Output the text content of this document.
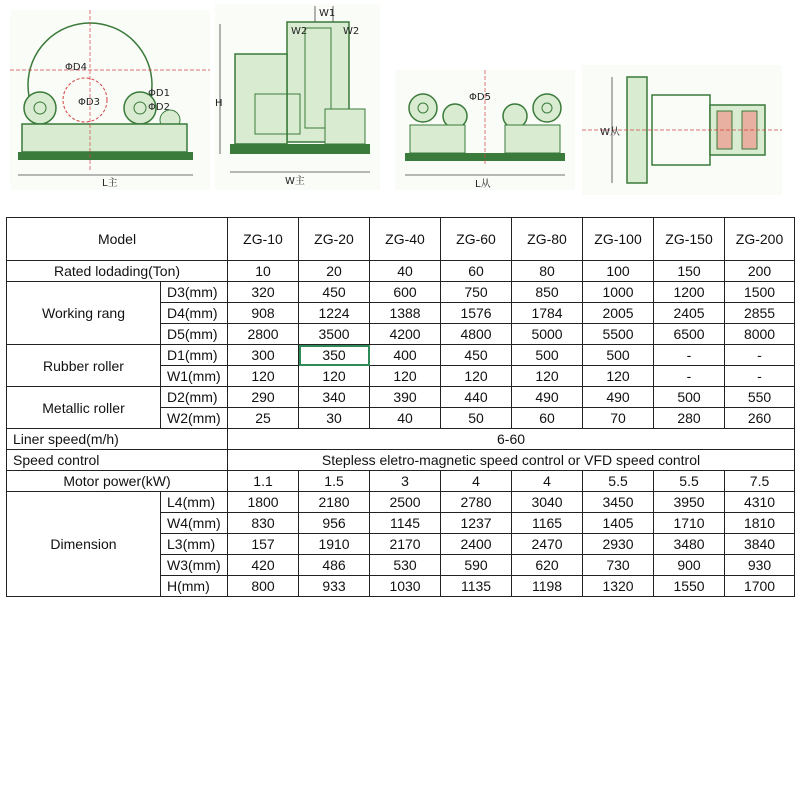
ΦD4
ΦD3
ΦD1
ΦD2
L主
W1
W2	W2
H
W主
ΦD5
L从
W从
Model		ZG-10	ZG-20	ZG-40	ZG-60	ZG-80	ZG-100	ZG-150	ZG-200
Rated lodading(Ton)		10	20	40	60	80	100	150	200
Working rang	D3(mm)	320	450	600	750	850	1000	1200	1500
	D4(mm)	908	1224	1388	1576	1784	2005	2405	2855
	D5(mm)	2800	3500	4200	4800	5000	5500	6500	8000
Rubber roller	D1(mm)	300	350	400	450	500	500	-	-
	W1(mm)	120	120	120	120	120	120	-	-
Metallic roller	D2(mm)	290	340	390	440	490	490	500	550
	W2(mm)	25	30	40	50	60	70	280	260
Liner speed(m/h)		6-60							
Speed control		Stepless eletro-magnetic speed control or VFD speed control							
Motor power(kW)		1.1	1.5	3	4	4	5.5	5.5	7.5
Dimension	L4(mm)	1800	2180	2500	2780	3040	3450	3950	4310
	W4(mm)	830	956	1145	1237	1165	1405	1710	1810
	L3(mm)	157	1910	2170	2400	2470	2930	3480	3840
	W3(mm)	420	486	530	590	620	730	900	930
	H(mm)	800	933	1030	1135	1198	1320	1550	1700
